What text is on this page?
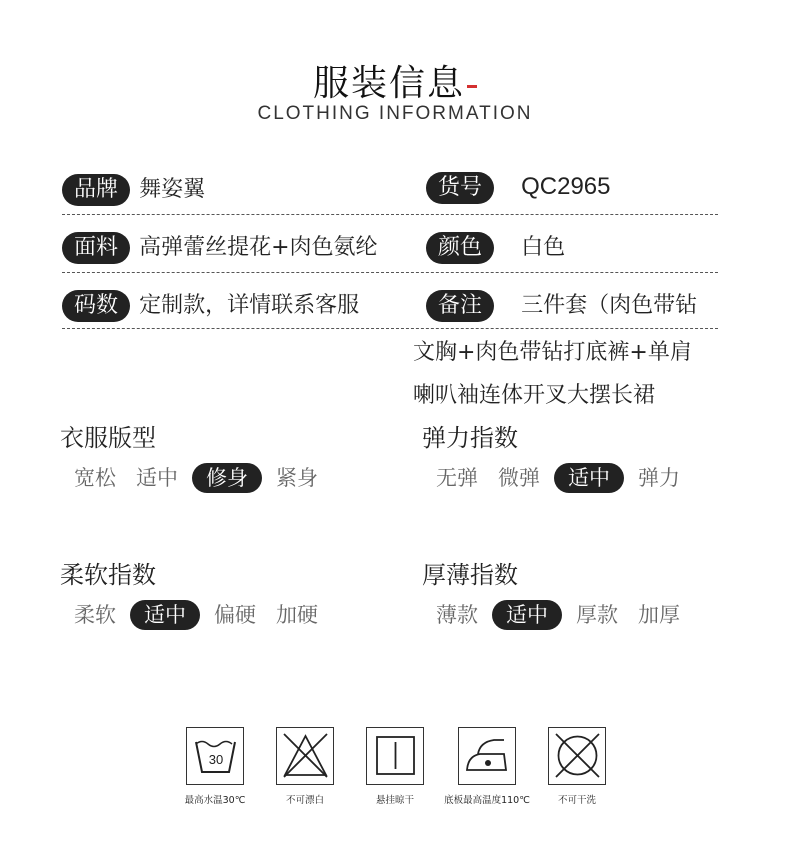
服装信息
CLOTHING INFORMATION
品牌 舞姿翼	货号 QC2965
面料 高弹蕾丝提花+肉色氨纶	颜色 白色
码数 定制款，详情联系客服	备注 三件套（肉色带钻
文胸+肉色带钻打底裤+单肩
喇叭袖连体开叉大摆长裙
衣服版型
宽松 适中 修身 紧身
弹力指数
无弹 微弹 适中 弹力
柔软指数
柔软 适中 偏硬 加硬
厚薄指数
薄款 适中 厚款 加厚
30
最高水温30℃	不可漂白	悬挂晾干	底板最高温度110℃	不可干洗
